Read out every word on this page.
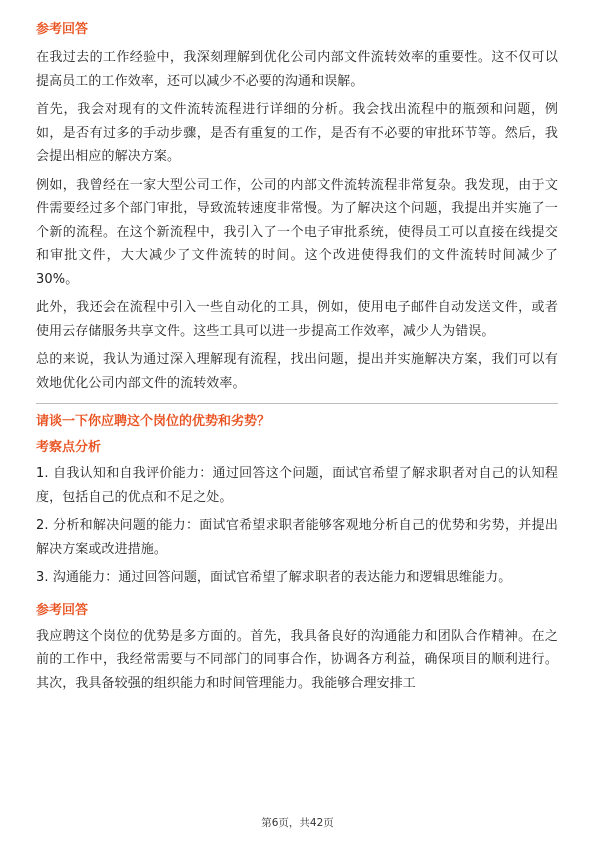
参考回答

在我过去的工作经验中，我深刻理解到优化公司内部文件流转效率的重要性。这不仅可以提高员工的工作效率，还可以减少不必要的沟通和误解。

首先，我会对现有的文件流转流程进行详细的分析。我会找出流程中的瓶颈和问题，例如，是否有过多的手动步骤，是否有重复的工作，是否有不必要的审批环节等。然后，我会提出相应的解决方案。

例如，我曾经在一家大型公司工作，公司的内部文件流转流程非常复杂。我发现，由于文件需要经过多个部门审批，导致流转速度非常慢。为了解决这个问题，我提出并实施了一个新的流程。在这个新流程中，我引入了一个电子审批系统，使得员工可以直接在线提交和审批文件，大大减少了文件流转的时间。这个改进使得我们的文件流转时间减少了30%。

此外，我还会在流程中引入一些自动化的工具，例如，使用电子邮件自动发送文件，或者使用云存储服务共享文件。这些工具可以进一步提高工作效率，减少人为错误。

总的来说，我认为通过深入理解现有流程，找出问题，提出并实施解决方案，我们可以有效地优化公司内部文件的流转效率。

请谈一下你应聘这个岗位的优势和劣势？

考察点分析

1. 自我认知和自我评价能力：通过回答这个问题，面试官希望了解求职者对自己的认知程度，包括自己的优点和不足之处。

2. 分析和解决问题的能力：面试官希望求职者能够客观地分析自己的优势和劣势，并提出解决方案或改进措施。

3. 沟通能力：通过回答问题，面试官希望了解求职者的表达能力和逻辑思维能力。

参考回答

我应聘这个岗位的优势是多方面的。首先，我具备良好的沟通能力和团队合作精神。在之前的工作中，我经常需要与不同部门的同事合作，协调各方利益，确保项目的顺利进行。其次，我具备较强的组织能力和时间管理能力。我能够合理安排工

第6页，共42页
